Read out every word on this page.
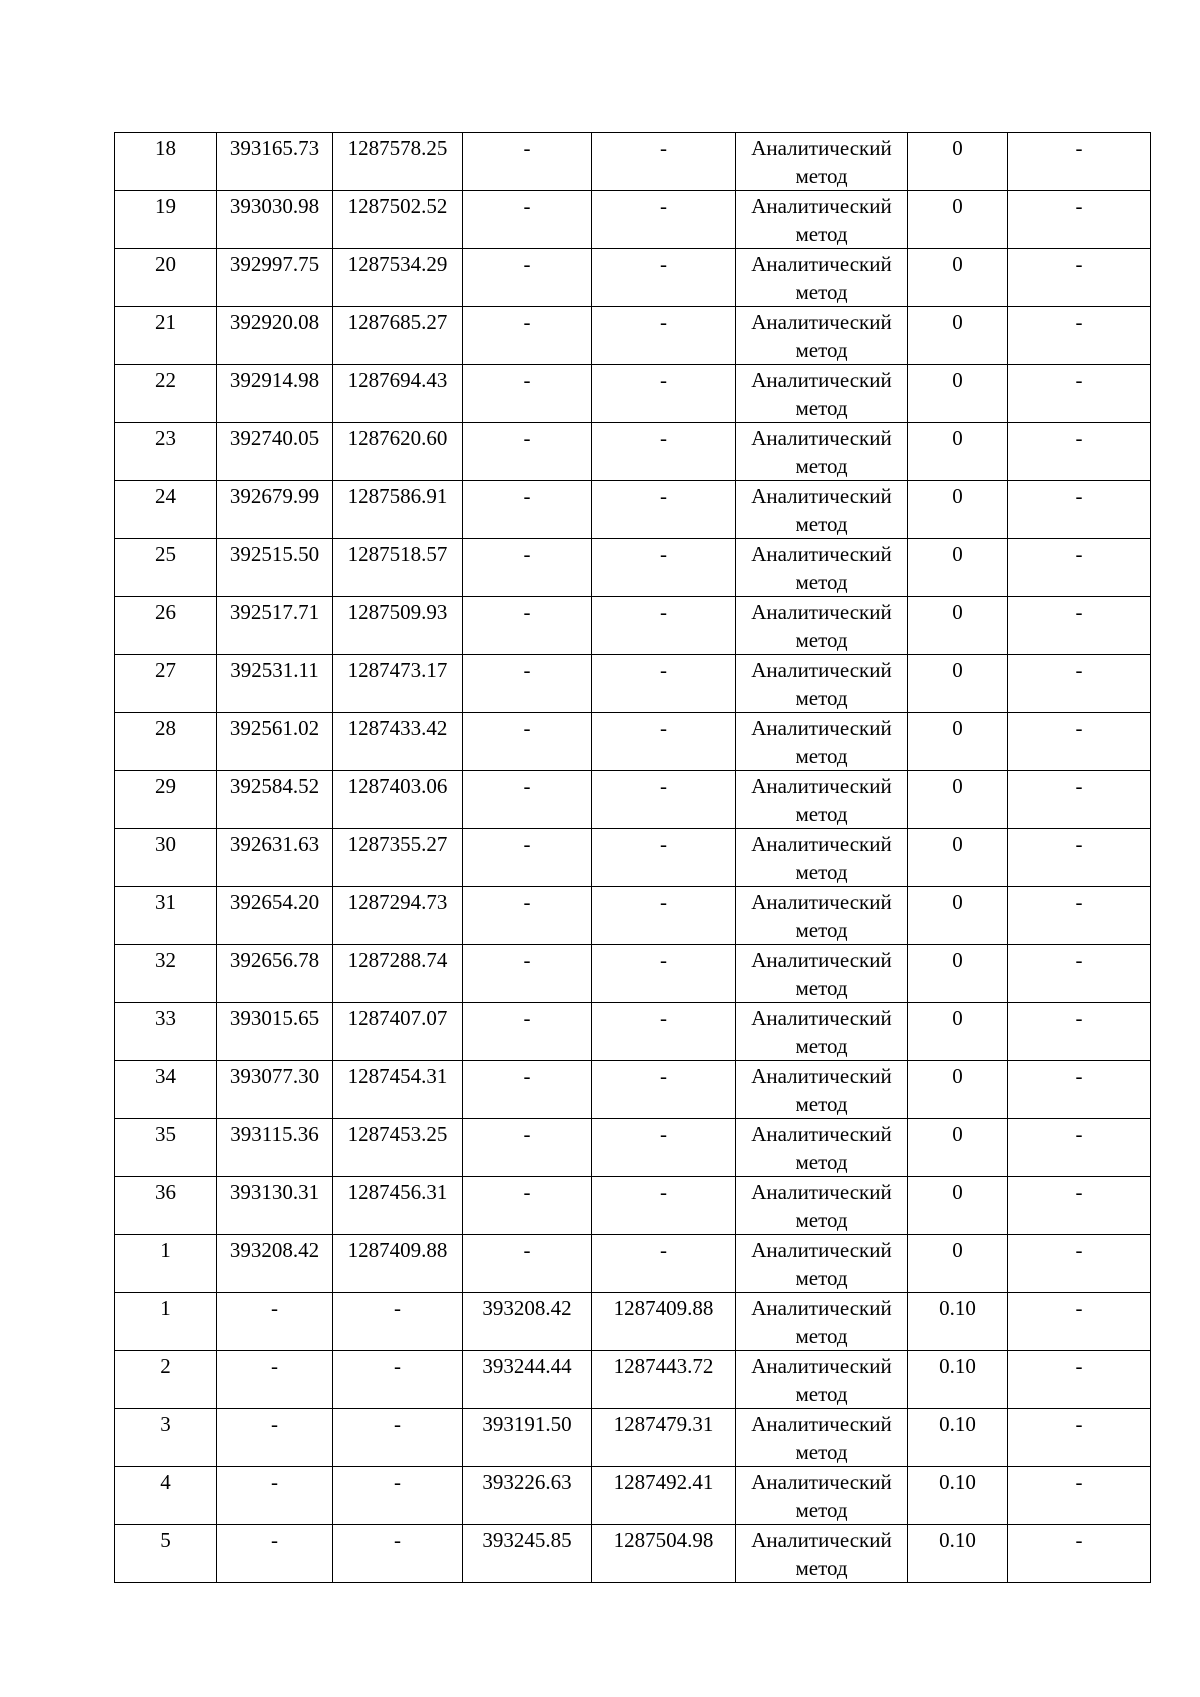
18	393165.73	1287578.25	-	-	Аналитический метод	0	-

19	393030.98	1287502.52	-	-	Аналитический метод	0	-

20	392997.75	1287534.29	-	-	Аналитический метод	0	-

21	392920.08	1287685.27	-	-	Аналитический метод	0	-

22	392914.98	1287694.43	-	-	Аналитический метод	0	-

23	392740.05	1287620.60	-	-	Аналитический метод	0	-

24	392679.99	1287586.91	-	-	Аналитический метод	0	-

25	392515.50	1287518.57	-	-	Аналитический метод	0	-

26	392517.71	1287509.93	-	-	Аналитический метод	0	-

27	392531.11	1287473.17	-	-	Аналитический метод	0	-

28	392561.02	1287433.42	-	-	Аналитический метод	0	-

29	392584.52	1287403.06	-	-	Аналитический метод	0	-

30	392631.63	1287355.27	-	-	Аналитический метод	0	-

31	392654.20	1287294.73	-	-	Аналитический метод	0	-

32	392656.78	1287288.74	-	-	Аналитический метод	0	-

33	393015.65	1287407.07	-	-	Аналитический метод	0	-

34	393077.30	1287454.31	-	-	Аналитический метод	0	-

35	393115.36	1287453.25	-	-	Аналитический метод	0	-

36	393130.31	1287456.31	-	-	Аналитический метод	0	-

1	393208.42	1287409.88	-	-	Аналитический метод	0	-

1	-	-	393208.42	1287409.88	Аналитический метод	0.10	-

2	-	-	393244.44	1287443.72	Аналитический метод	0.10	-

3	-	-	393191.50	1287479.31	Аналитический метод	0.10	-

4	-	-	393226.63	1287492.41	Аналитический метод	0.10	-

5	-	-	393245.85	1287504.98	Аналитический метод	0.10	-
